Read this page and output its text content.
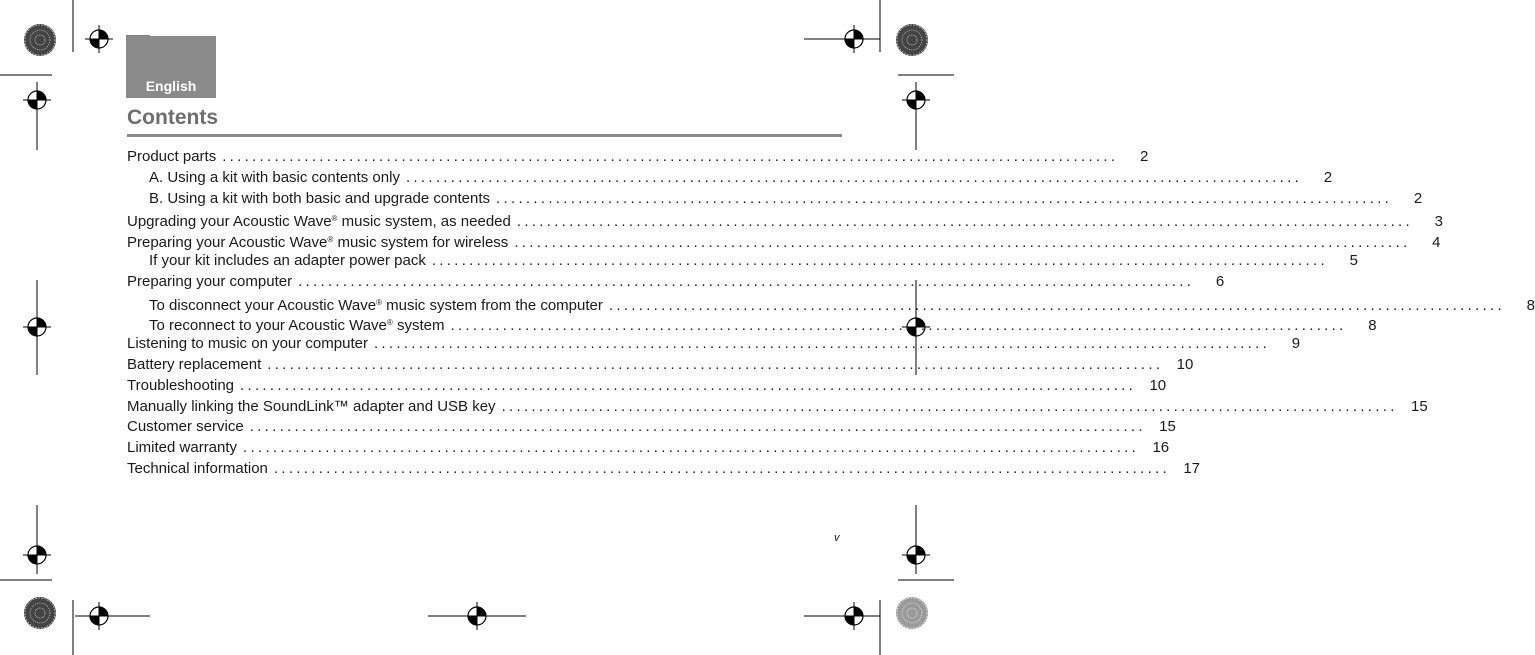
English
Contents
Product parts ........................................................................................................................	2
A. Using a kit with basic contents only ........................................................................................................................	2
B. Using a kit with both basic and upgrade contents ........................................................................................................................	2
Upgrading your Acoustic Wave® music system, as needed ........................................................................................................................	3
Preparing your Acoustic Wave® music system for wireless ........................................................................................................................	4
If your kit includes an adapter power pack ........................................................................................................................	5
Preparing your computer ........................................................................................................................	6
To disconnect your Acoustic Wave® music system from the computer ........................................................................................................................	8
To reconnect to your Acoustic Wave® system ........................................................................................................................	8
Listening to music on your computer ........................................................................................................................	9
Battery replacement ........................................................................................................................ 10
Troubleshooting ........................................................................................................................ 10
Manually linking the SoundLink™ adapter and USB key ........................................................................................................................ 15
Customer service ........................................................................................................................ 15
Limited warranty ........................................................................................................................ 16
Technical information ........................................................................................................................ 17
v
